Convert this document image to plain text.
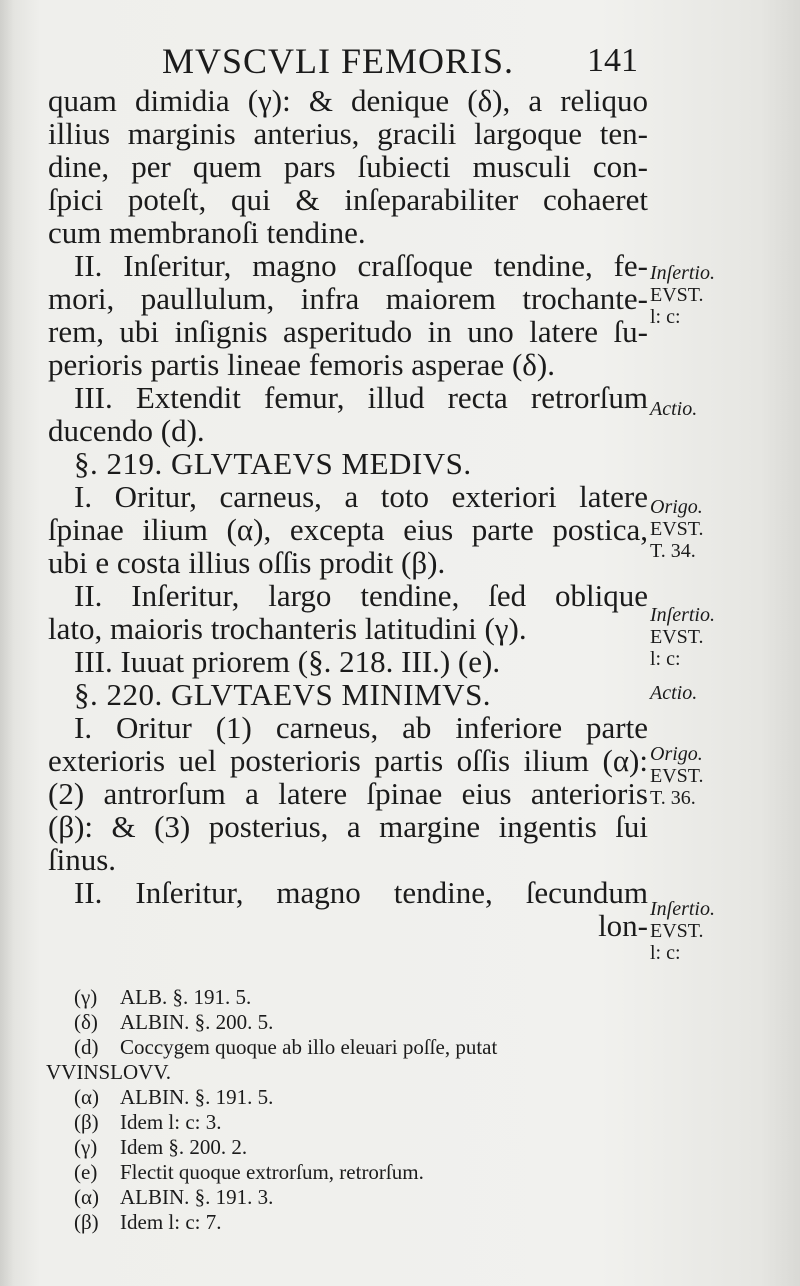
MVSCVLI FEMORIS. 141
quam dimidia (γ): & denique (δ), a reliquo
illius marginis anterius, gracili largoque ten-
dine, per quem pars ſubiecti musculi con-
ſpici poteſt, qui & inſeparabiliter cohaeret
cum membranoſi tendine.
II. Inſeritur, magno craſſoque tendine, fe-
mori, paullulum, infra maiorem trochante-
rem, ubi inſignis asperitudo in uno latere ſu-
perioris partis lineae femoris asperae (δ).
III. Extendit femur, illud recta retrorſum
ducendo (d).
§. 219. GLVTAEVS MEDIVS.
I. Oritur, carneus, a toto exteriori latere
ſpinae ilium (α), excepta eius parte postica,
ubi e costa illius oſſis prodit (β).
II. Inſeritur, largo tendine, ſed oblique
lato, maioris trochanteris latitudini (γ).
III. Iuuat priorem (§. 218. III.) (e).
§. 220. GLVTAEVS MINIMVS.
I. Oritur (1) carneus, ab inferiore parte
exterioris uel posterioris partis oſſis ilium (α):
(2) antrorſum a latere ſpinae eius anterioris
(β): & (3) posterius, a margine ingentis ſui
ſinus.
II. Inſeritur, magno tendine, ſecundum
lon-
Inſertio.
EVST.
l: c:
Actio.
Origo.
EVST.
T. 34.
Inſertio.
EVST.
l: c:
Actio.
Origo.
EVST.
T. 36.
Inſertio.
EVST.
l: c:
(γ) ALB. §. 191. 5.
(δ) ALBIN. §. 200. 5.
(d) Coccygem quoque ab illo eleuari poſſe, putat
VVINSLOVV.
(α) ALBIN. §. 191. 5.
(β) Idem l: c: 3.
(γ) Idem §. 200. 2.
(e) Flectit quoque extrorſum, retrorſum.
(α) ALBIN. §. 191. 3.
(β) Idem l: c: 7.
